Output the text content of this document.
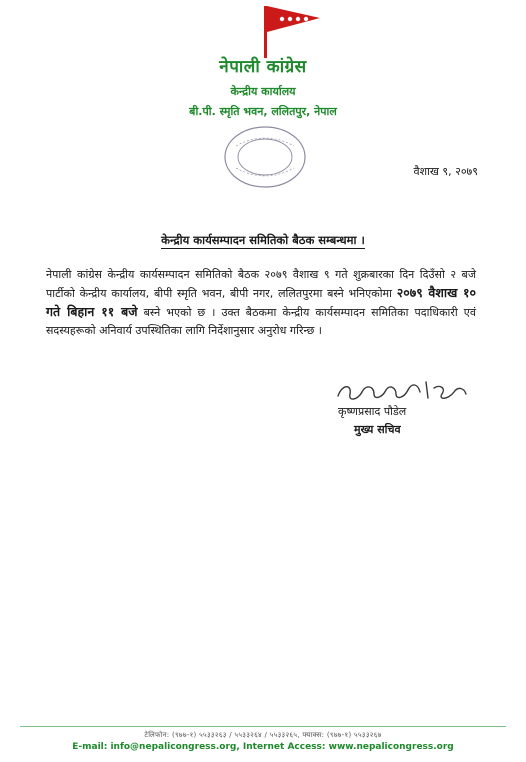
नेपाली कांग्रेस
केन्द्रीय कार्यालय
बी.पी. स्मृति भवन, ललितपुर, नेपाल
वैशाख ९, २०७९
केन्द्रीय कार्यसम्पादन समितिको बैठक सम्बन्धमा ।
नेपाली कांग्रेस केन्द्रीय कार्यसम्पादन समितिको बैठक २०७९ वैशाख ९ गते शुक्रबारका दिन दिउँसो २ बजे पार्टीको केन्द्रीय कार्यालय, बीपी स्मृति भवन, बीपी नगर, ललितपुरमा बस्ने भनिएकोमा २०७९ वैशाख १० गते बिहान ११ बजे बस्ने भएको छ । उक्त बैठकमा केन्द्रीय कार्यसम्पादन समितिका पदाधिकारी एवं सदस्यहरूको अनिवार्य उपस्थितिका लागि निर्देशानुसार अनुरोध गरिन्छ ।
कृष्णप्रसाद पौडेल
मुख्य सचिव
टेलिफोन: (९७७-१) ५५३३२६३ / ५५३३२६४ / ५५३३२६५, फ्याक्स: (९७७-१) ५५३३२६७
E-mail: info@nepalicongress.org, Internet Access: www.nepalicongress.org
